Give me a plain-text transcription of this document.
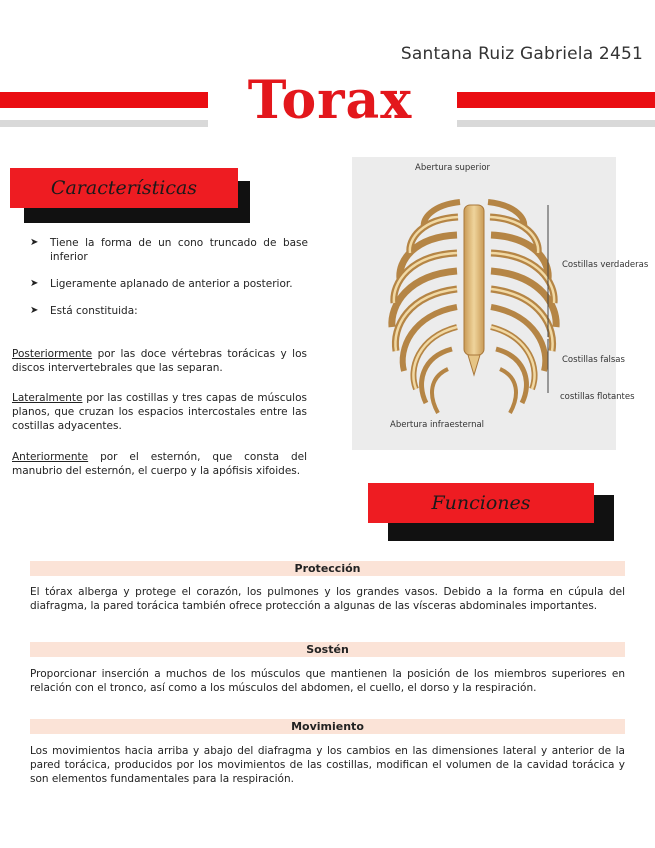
Santana Ruiz Gabriela 2451
Torax
Características
➤ Tiene la forma de un cono truncado de base inferior
➤ Ligeramente aplanado de anterior a posterior.
➤ Está constituida:
Posteriormente por las doce vértebras torácicas y los discos intervertebrales que las separan.
Lateralmente por las costillas y tres capas de músculos planos, que cruzan los espacios intercostales entre las costillas adyacentes.
Anteriormente por el esternón, que consta del manubrio del esternón, el cuerpo y la apófisis xifoides.
Abertura superior
Costillas verdaderas
Costillas falsas
costillas flotantes
Abertura infraesternal
Funciones
Protección
El tórax alberga y protege el corazón, los pulmones y los grandes vasos. Debido a la forma en cúpula del diafragma, la pared torácica también ofrece protección a algunas de las vísceras abdominales importantes.
Sostén
Proporcionar inserción a muchos de los músculos que mantienen la posición de los miembros superiores en relación con el tronco, así como a los músculos del abdomen, el cuello, el dorso y la respiración.
Movimiento
Los movimientos hacia arriba y abajo del diafragma y los cambios en las dimensiones lateral y anterior de la pared torácica, producidos por los movimientos de las costillas, modifican el volumen de la cavidad torácica y son elementos fundamentales para la respiración.
